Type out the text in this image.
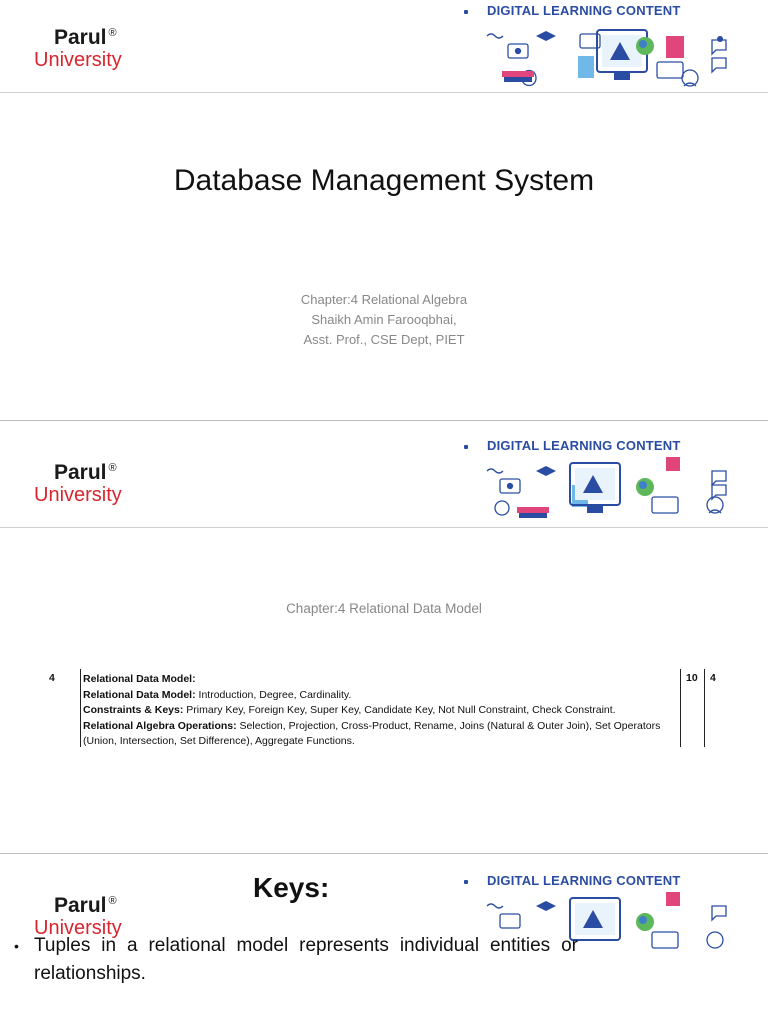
Parul ®
University
DIGITAL LEARNING CONTENT
Database Management System
Chapter:4 Relational Algebra
Shaikh Amin Farooqbhai,
Asst. Prof., CSE Dept, PIET
Parul ®
University
DIGITAL LEARNING CONTENT
Chapter:4 Relational Data Model
4	Relational Data Model:
Relational Data Model: Introduction, Degree, Cardinality.
Constraints & Keys: Primary Key, Foreign Key, Super Key, Candidate Key, Not Null Constraint, Check Constraint.
Relational Algebra Operations: Selection, Projection, Cross-Product, Rename, Joins (Natural & Outer Join), Set Operators (Union, Intersection, Set Difference), Aggregate Functions.
10 4
Parul ®
University
DIGITAL LEARNING CONTENT
Keys:
• Tuples in a relational model represents individual entities or relationships.
